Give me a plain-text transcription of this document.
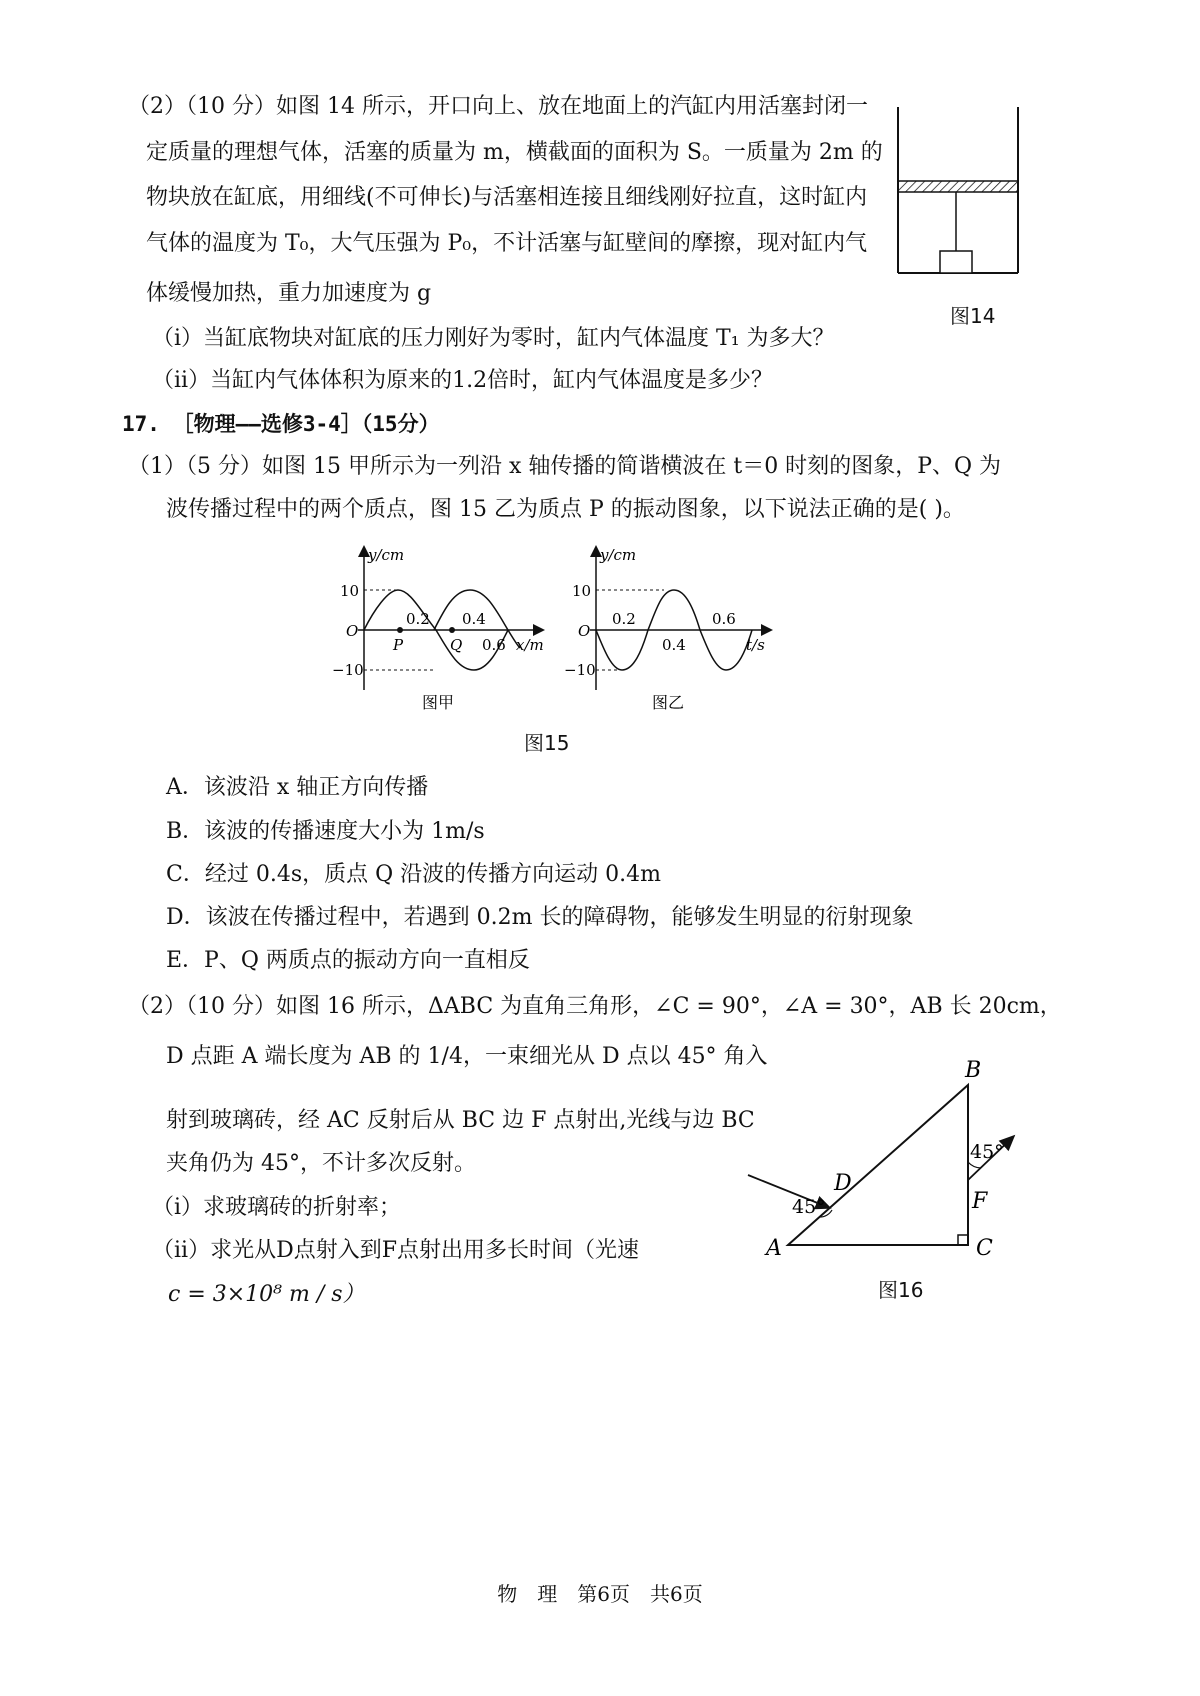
（2）（10 分）如图 14 所示，开口向上、放在地面上的汽缸内用活塞封闭一
定质量的理想气体，活塞的质量为 m，横截面的面积为 S。一质量为 2m 的
物块放在缸底，用细线(不可伸长)与活塞相连接且细线刚好拉直，这时缸内
气体的温度为 T₀，大气压强为 P₀，不计活塞与缸壁间的摩擦，现对缸内气
体缓慢加热，重力加速度为 g
（i）当缸底物块对缸底的压力刚好为零时，缸内气体温度 T₁ 为多大？
（ii）当缸内气体体积为原来的1.2倍时，缸内气体温度是多少？
图14
17. ［物理——选修3-4］（15分）
（1）（5 分）如图 15 甲所示为一列沿 x 轴传播的简谐横波在 t＝0 时刻的图象，P、Q 为
波传播过程中的两个质点，图 15 乙为质点 P 的振动图象，以下说法正确的是( )。
y/cm
10
−10
O
0.2 0.4
0.6
P	Q	x/m
图甲
y/cm
10
−10
O
0.2
0.4
0.6
t/s
图乙
图15
A．该波沿 x 轴正方向传播
B．该波的传播速度大小为 1m/s
C．经过 0.4s，质点 Q 沿波的传播方向运动 0.4m
D．该波在传播过程中，若遇到 0.2m 长的障碍物，能够发生明显的衍射现象
E．P、Q 两质点的振动方向一直相反
（2）（10 分）如图 16 所示，ΔABC 为直角三角形，∠C = 90°，∠A = 30°，AB 长 20cm，
D 点距 A 端长度为 AB 的 1/4，一束细光从 D 点以 45° 角入
射到玻璃砖，经 AC 反射后从 BC 边 F 点射出,光线与边 BC
夹角仍为 45°，不计多次反射。
（i）求玻璃砖的折射率；
（ii）求光从D点射入到F点射出用多长时间（光速
c = 3×10⁸ m / s）
A
B
C
D
F
45°
45°
图16
物　理　第6页　共6页
